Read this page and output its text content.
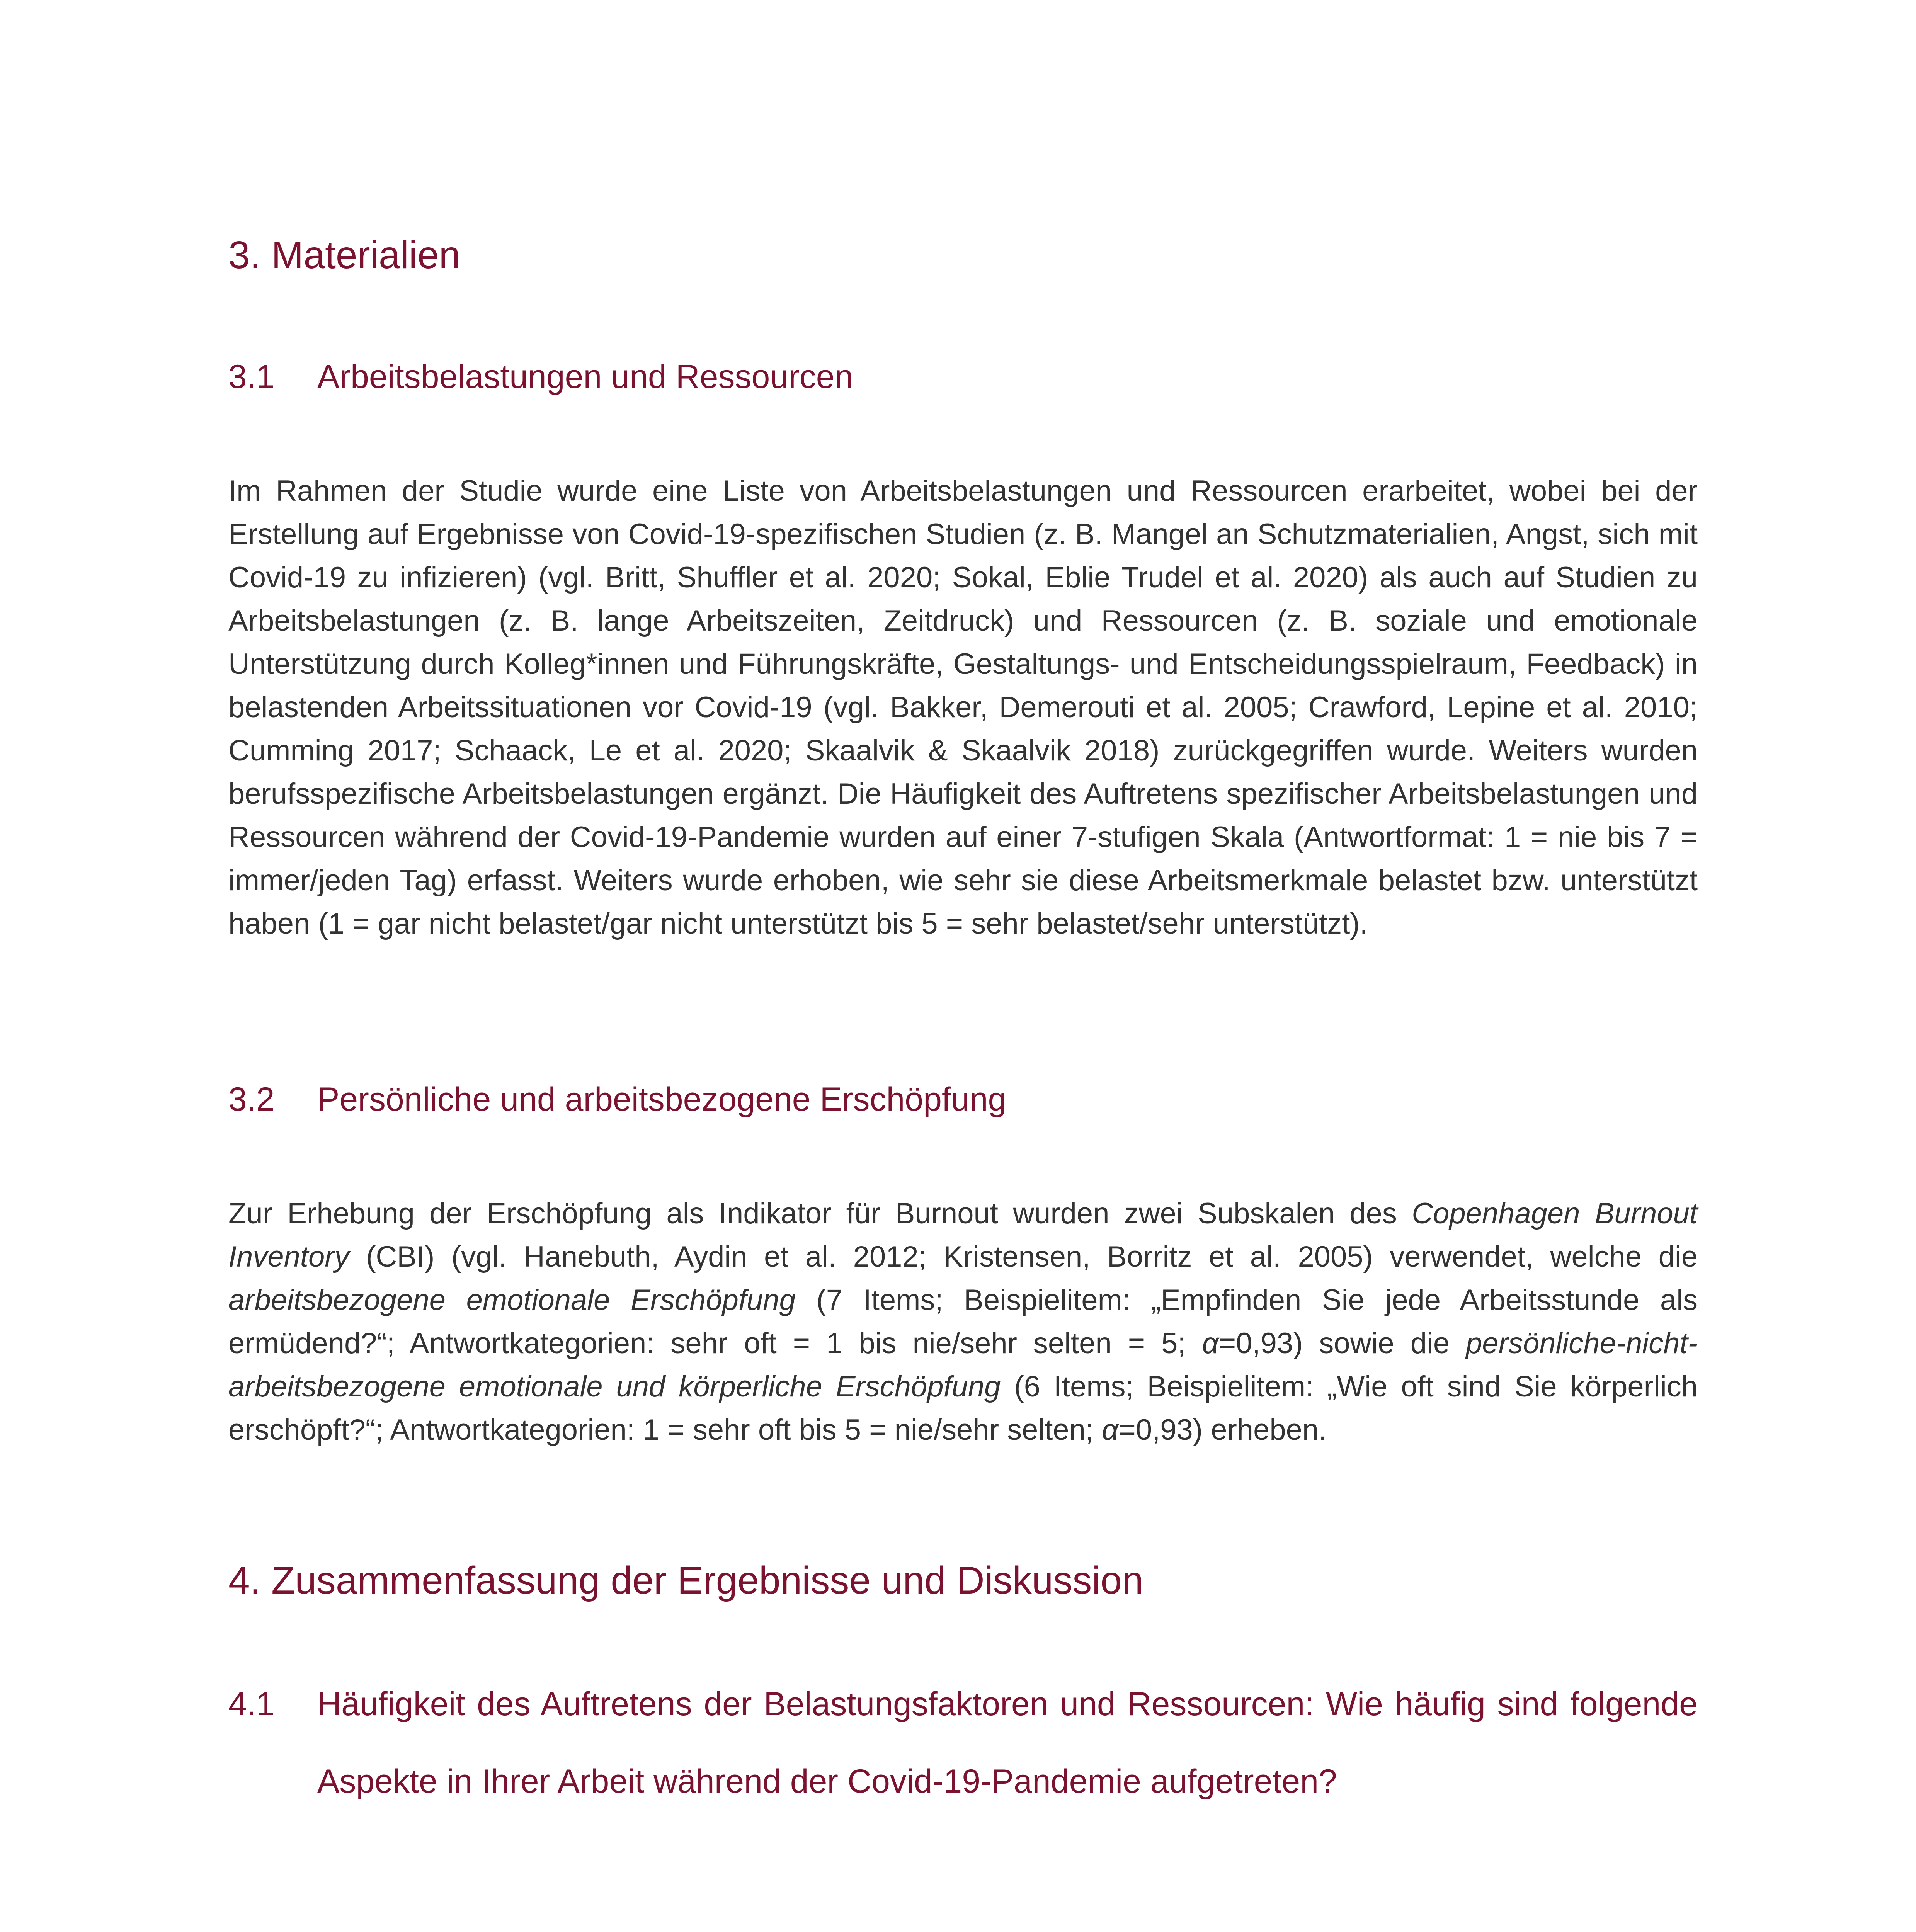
3. Materialien
3.1 Arbeitsbelastungen und Ressourcen

Im Rahmen der Studie wurde eine Liste von Arbeitsbelastungen und Ressourcen erarbeitet, wobei bei der Erstellung auf Ergebnisse von Covid-19-spezifischen Studien (z. B. Mangel an Schutzmaterialien, Angst, sich mit Covid-19 zu infizieren) (vgl. Britt, Shuffler et al. 2020; Sokal, Eblie Trudel et al. 2020) als auch auf Studien zu Arbeitsbelastungen (z. B. lange Arbeitszeiten, Zeitdruck) und Ressourcen (z. B. soziale und emotionale Unterstützung durch Kolleg*innen und Führungskräfte, Gestaltungs- und Entscheidungsspielraum, Feedback) in belastenden Arbeitssituationen vor Covid-19 (vgl. Bakker, Demerouti et al. 2005; Crawford, Lepine et al. 2010; Cumming 2017; Schaack, Le et al. 2020; Skaalvik & Skaalvik 2018) zurückgegriffen wurde. Weiters wurden berufsspezifische Arbeitsbelastungen ergänzt. Die Häufigkeit des Auftretens spezifischer Arbeitsbelastungen und Ressourcen während der Covid-19-Pandemie wurden auf einer 7-stufigen Skala (Antwortformat: 1 = nie bis 7 = immer/jeden Tag) erfasst. Weiters wurde erhoben, wie sehr sie diese Arbeitsmerkmale belastet bzw. unterstützt haben (1 = gar nicht belastet/gar nicht unterstützt bis 5 = sehr belastet/sehr unterstützt).

3.2 Persönliche und arbeitsbezogene Erschöpfung

Zur Erhebung der Erschöpfung als Indikator für Burnout wurden zwei Subskalen des Copenhagen Burnout Inventory (CBI) (vgl. Hanebuth, Aydin et al. 2012; Kristensen, Borritz et al. 2005) verwendet, welche die arbeitsbezogene emotionale Erschöpfung (7 Items; Beispielitem: „Empfinden Sie jede Arbeitsstunde als ermüdend?“; Antwortkategorien: sehr oft = 1 bis nie/sehr selten = 5; α=0,93) sowie die persönliche-nicht-arbeitsbezogene emotionale und körperliche Erschöpfung (6 Items; Beispielitem: „Wie oft sind Sie körperlich erschöpft?“; Antwortkategorien: 1 = sehr oft bis 5 = nie/sehr selten; α=0,93) erheben.

4. Zusammenfassung der Ergebnisse und Diskussion
4.1 Häufigkeit des Auftretens der Belastungsfaktoren und Ressourcen: Wie häufig sind folgende Aspekte in Ihrer Arbeit während der Covid-19-Pandemie aufgetreten?
